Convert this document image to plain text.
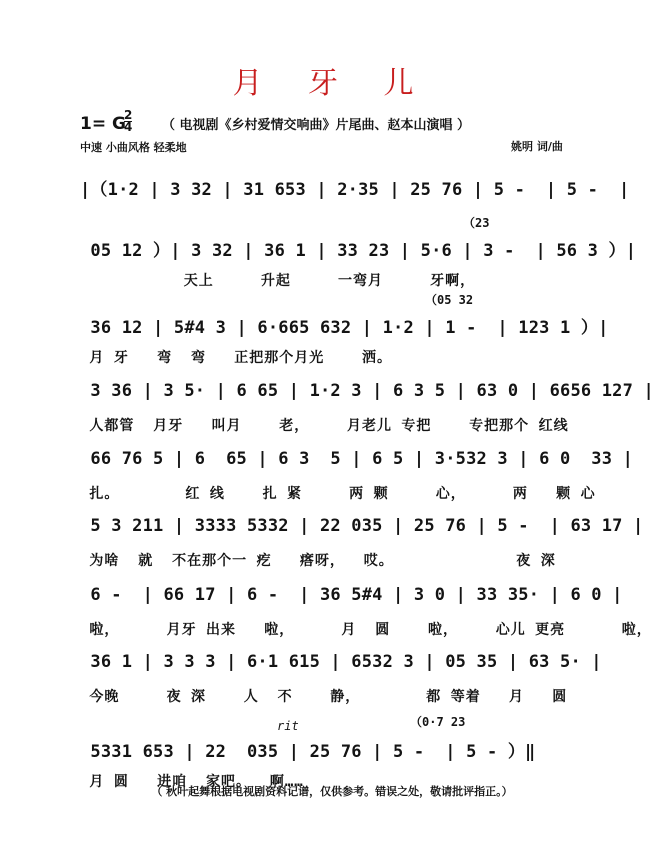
月 牙 儿
1= G
2
4 （ 电视剧《乡村爱情交响曲》片尾曲、赵本山演唱 ）
中速 小曲风格 轻柔地	姚明 词/曲
|（1·2 | 3 32 | 31 653 | 2·35 | 25 76 | 5 -  | 5 -  |
（23
05 12 ）| 3 32 | 36 1 | 33 23 | 5·6 | 3 -  | 56 3 ）|
天上     升起     一弯月     牙啊，
（05 32
36 12 | 5#4 3 | 6·665 632 | 1·2 | 1 -  | 123 1 ）|
月 牙   弯  弯   正把那个月光    洒。
3 36 | 3 5· | 6 65 | 1·2 3 | 6 3 5 | 63 0 | 6656 127 |
人都管  月牙   叫月    老，    月老儿 专把    专把那个 红线
66 76 5 | 6  65 | 6 3  5 | 6 5 | 3·532 3 | 6 0  33 |
扎。       红 线    扎 紧     两 颗     心，     两   颗 心
5 3 211 | 3333 5332 | 22 035 | 25 76 | 5 -  | 63 17 |
为啥  就  不在那个一 疙   瘩呀，  哎。             夜 深
6 -  | 66 17 | 6 -  | 36 5#4 | 3 0 | 33 35· | 6 0 |
啦，     月牙 出来   啦，     月  圆    啦，    心儿 更亮      啦，
36 1 | 3 3 3 | 6·1 615 | 6532 3 | 05 35 | 63 5· |
今晚     夜 深    人  不    静，       都 等着   月   圆
rit	（0·7 23
5331 653 | 22  035 | 25 76 | 5 -  | 5 - ）‖
月 圆   进咱  家吧。  啊……
（ 秋叶起舞根据电视剧资料记谱，仅供参考。错误之处，敬请批评指正。）
